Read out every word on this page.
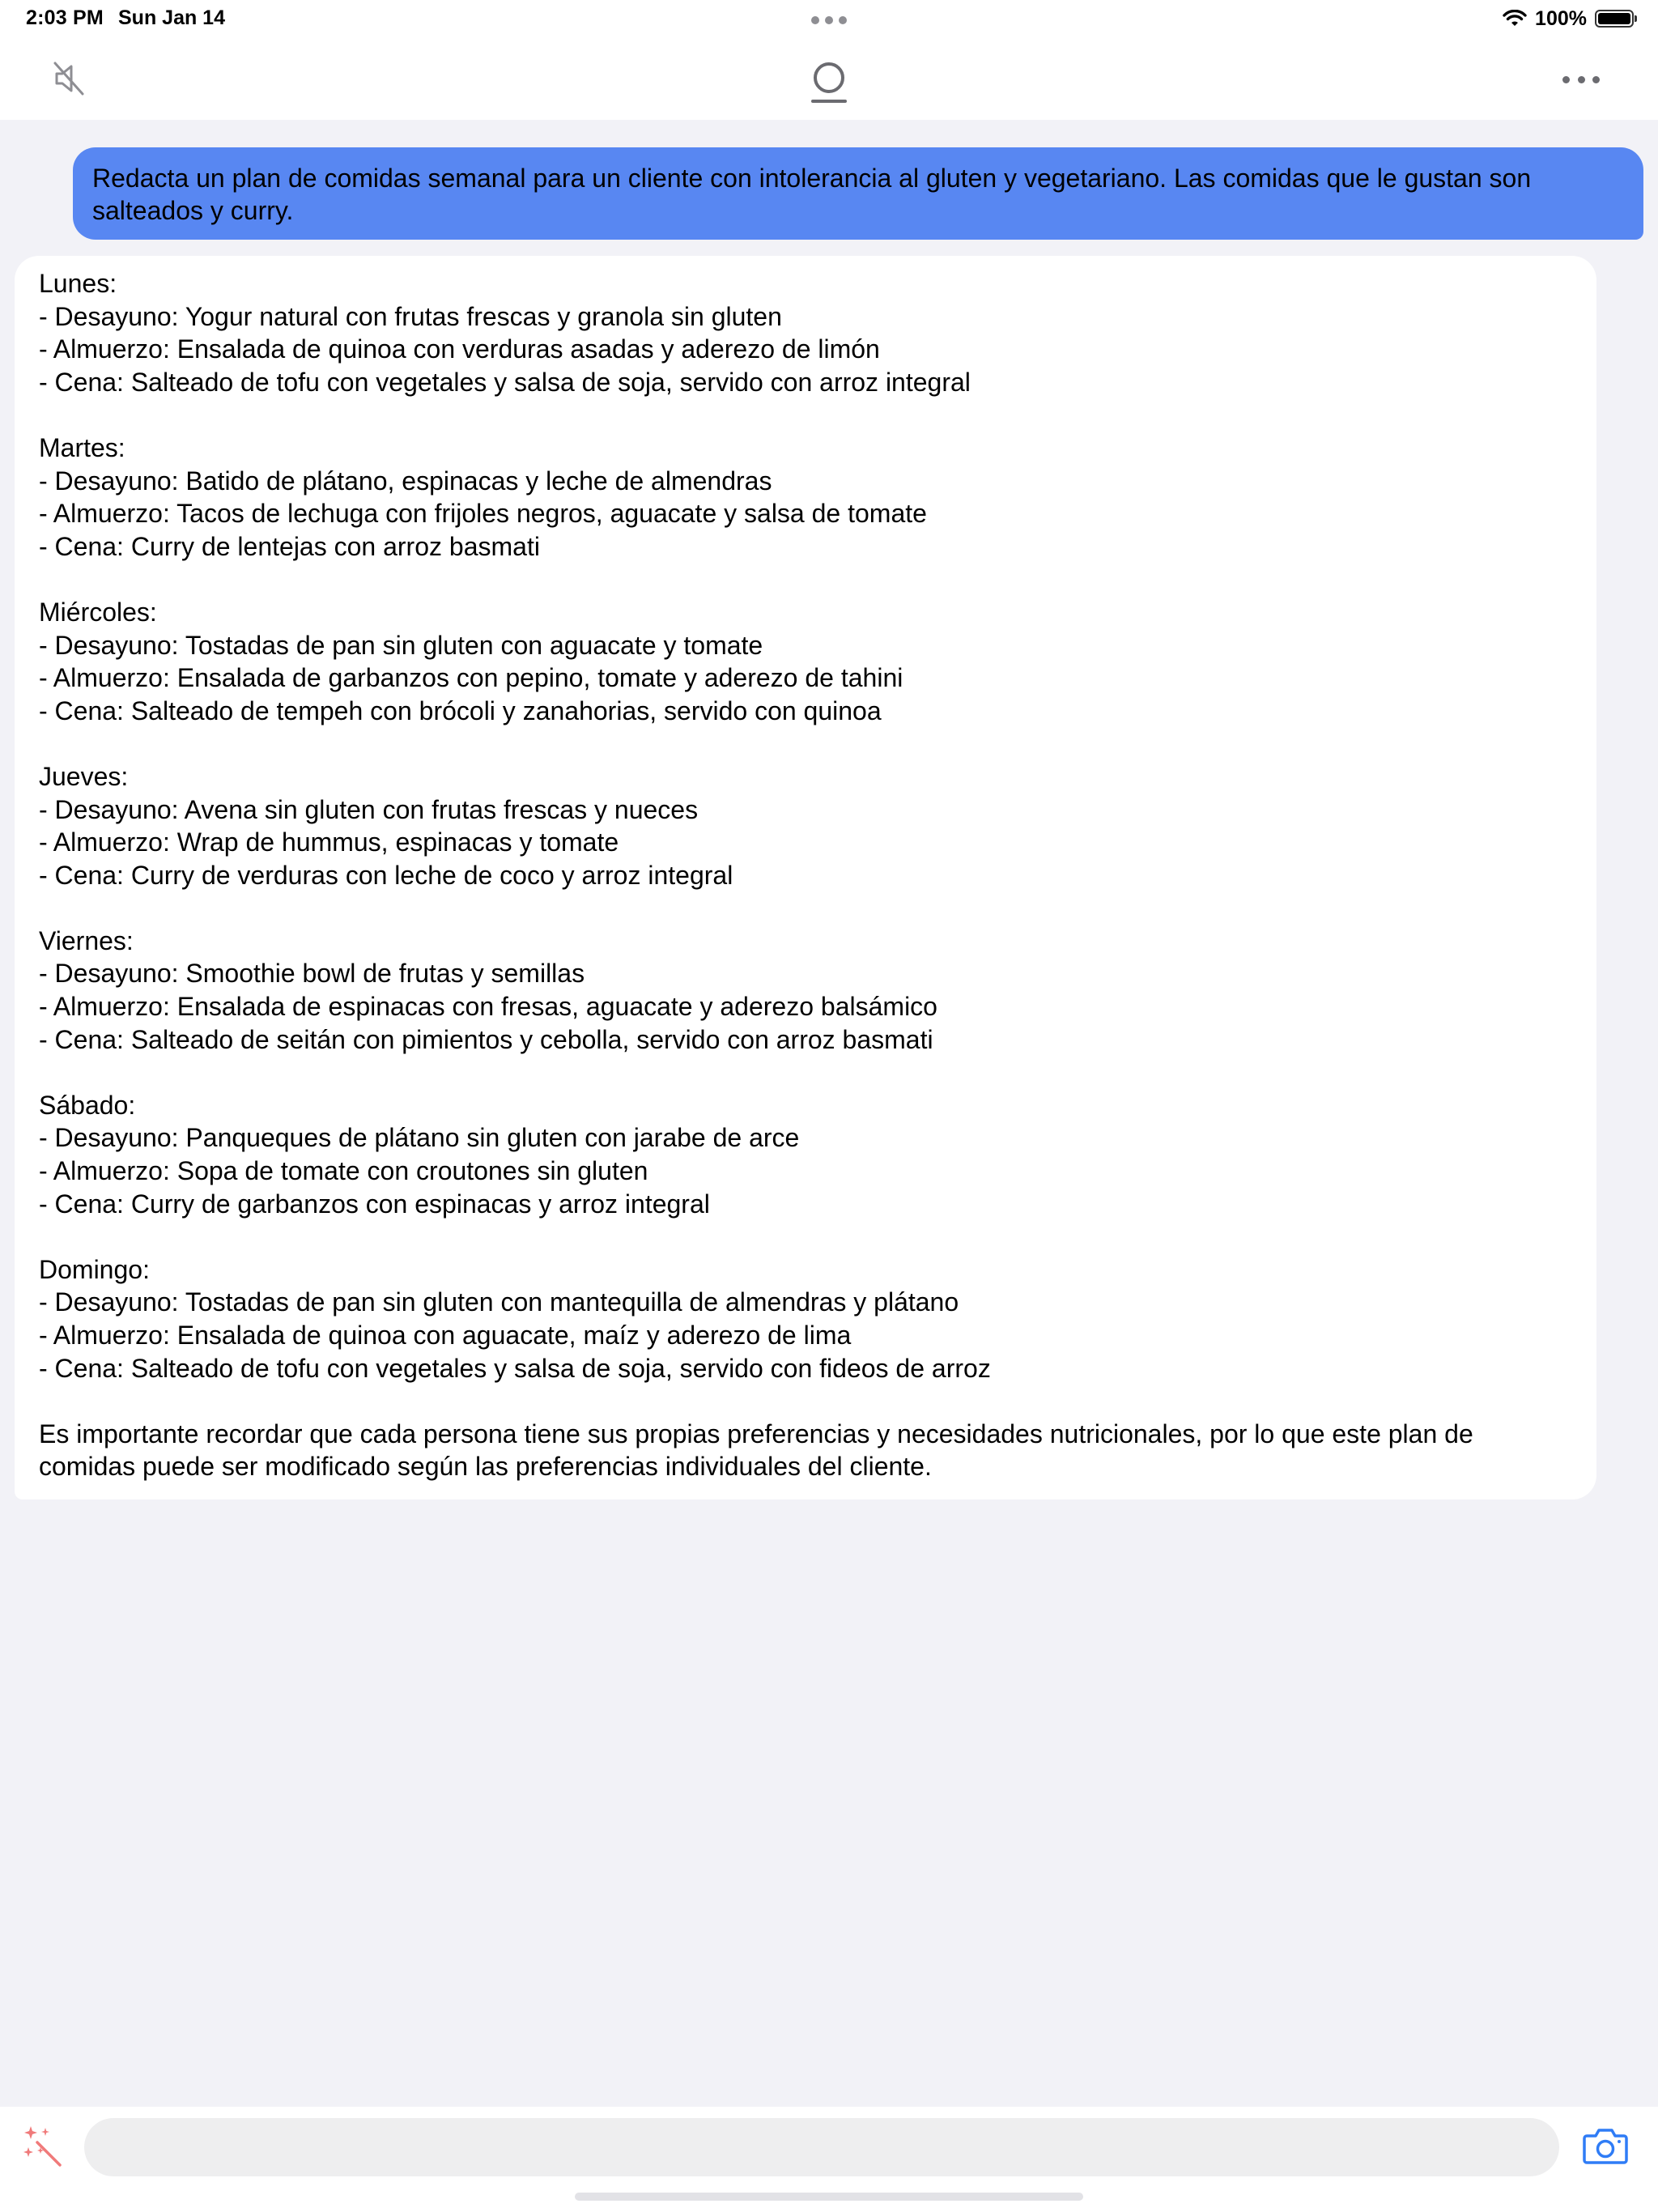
2:03 PM Sun Jan 14	100%
Redacta un plan de comidas semanal para un cliente con intolerancia al gluten y vegetariano. Las comidas que le gustan son salteados y curry.
Lunes:
- Desayuno: Yogur natural con frutas frescas y granola sin gluten
- Almuerzo: Ensalada de quinoa con verduras asadas y aderezo de limón
- Cena: Salteado de tofu con vegetales y salsa de soja, servido con arroz integral
Martes:
- Desayuno: Batido de plátano, espinacas y leche de almendras
- Almuerzo: Tacos de lechuga con frijoles negros, aguacate y salsa de tomate
- Cena: Curry de lentejas con arroz basmati
Miércoles:
- Desayuno: Tostadas de pan sin gluten con aguacate y tomate
- Almuerzo: Ensalada de garbanzos con pepino, tomate y aderezo de tahini
- Cena: Salteado de tempeh con brócoli y zanahorias, servido con quinoa
Jueves:
- Desayuno: Avena sin gluten con frutas frescas y nueces
- Almuerzo: Wrap de hummus, espinacas y tomate
- Cena: Curry de verduras con leche de coco y arroz integral
Viernes:
- Desayuno: Smoothie bowl de frutas y semillas
- Almuerzo: Ensalada de espinacas con fresas, aguacate y aderezo balsámico
- Cena: Salteado de seitán con pimientos y cebolla, servido con arroz basmati
Sábado:
- Desayuno: Panqueques de plátano sin gluten con jarabe de arce
- Almuerzo: Sopa de tomate con croutones sin gluten
- Cena: Curry de garbanzos con espinacas y arroz integral
Domingo:
- Desayuno: Tostadas de pan sin gluten con mantequilla de almendras y plátano
- Almuerzo: Ensalada de quinoa con aguacate, maíz y aderezo de lima
- Cena: Salteado de tofu con vegetales y salsa de soja, servido con fideos de arroz
Es importante recordar que cada persona tiene sus propias preferencias y necesidades nutricionales, por lo que este plan de comidas puede ser modificado según las preferencias individuales del cliente.
